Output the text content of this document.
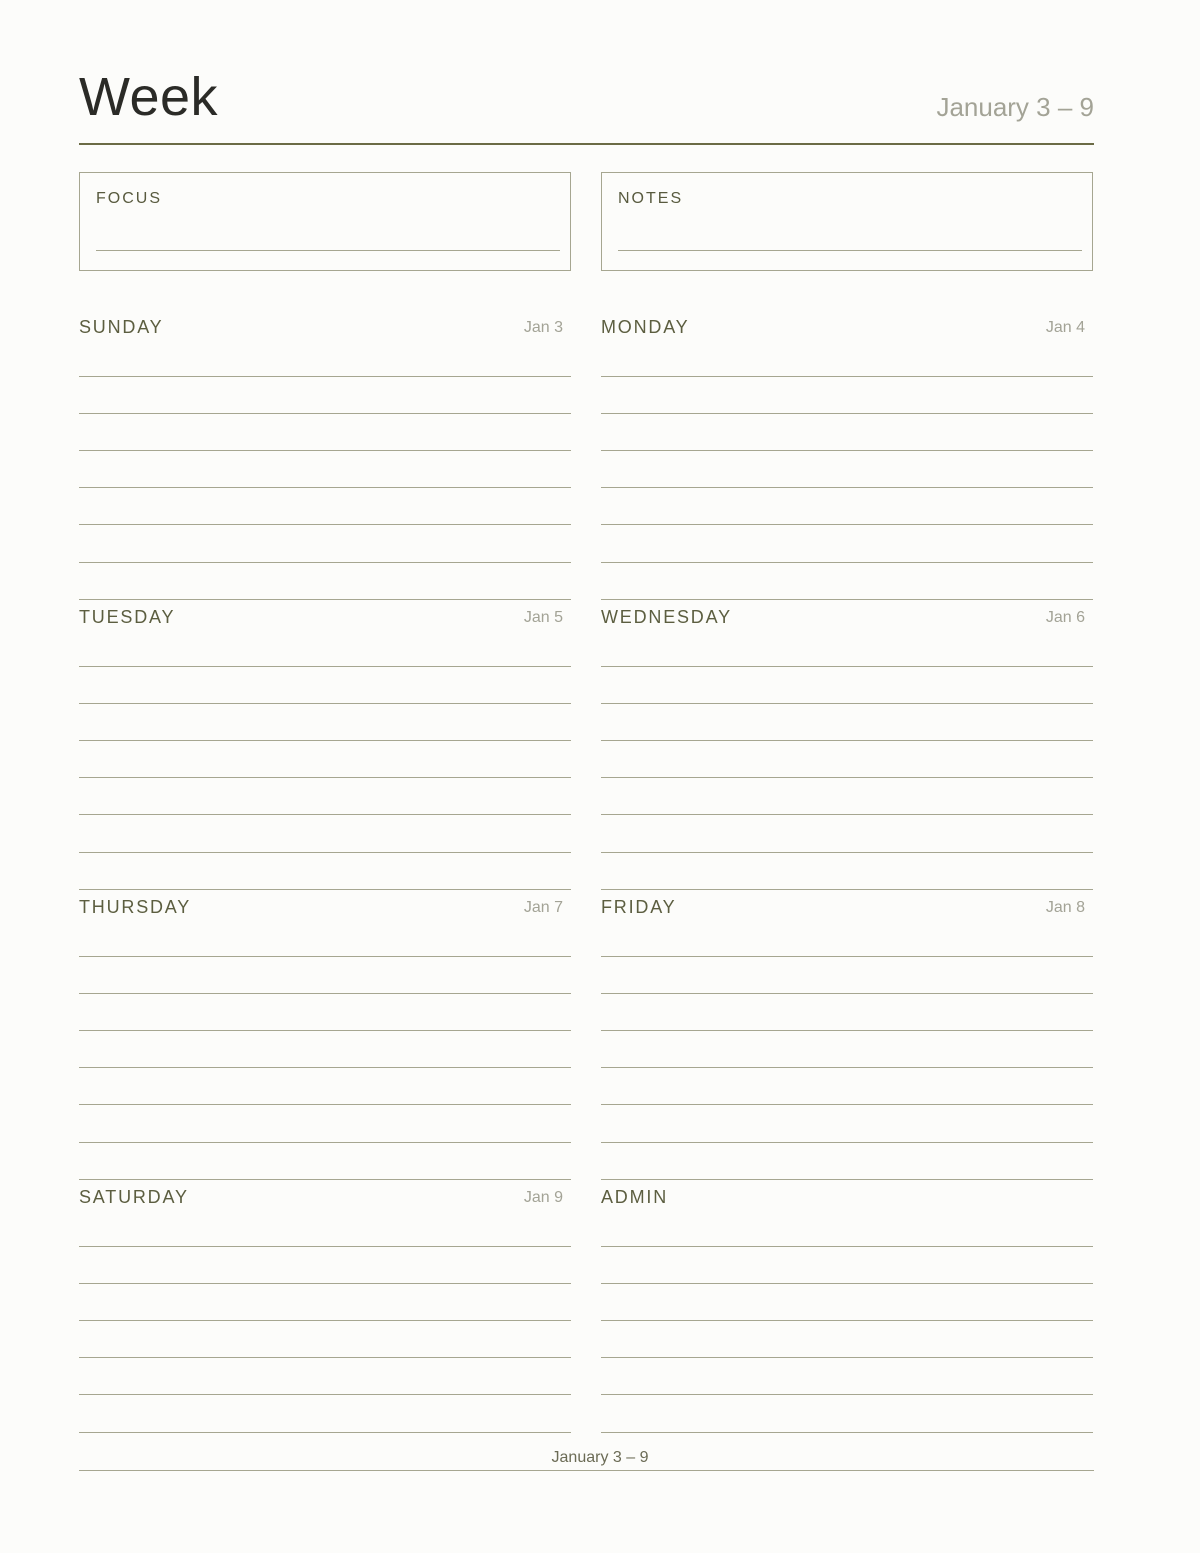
Week	January 3 – 9
FOCUS	NOTES
SUNDAY	Jan 3 MONDAY	Jan 4
TUESDAY	Jan 5 WEDNESDAY	Jan 6
THURSDAY	Jan 7 FRIDAY	Jan 8
SATURDAY	Jan 9 ADMIN
January 3 – 9
